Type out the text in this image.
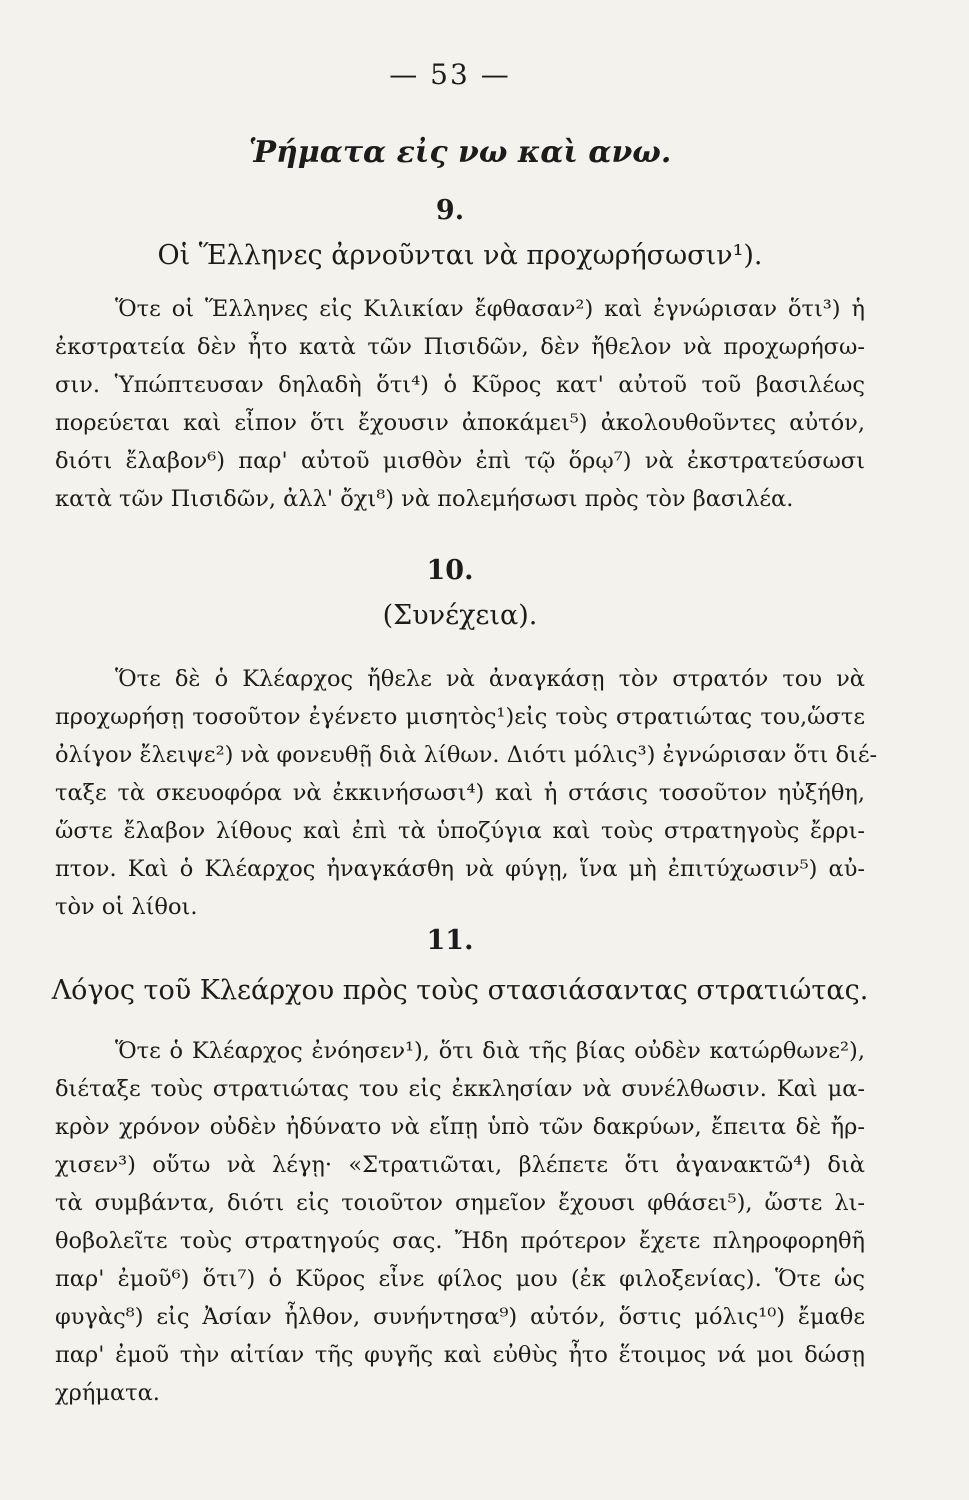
— 53 —
Ῥήματα εἰς νω καὶ ανω.
9.
Οἱ Ἕλληνες ἀρνοῦνται νὰ προχωρήσωσιν¹).
Ὅτε οἱ Ἕλληνες εἰς Κιλικίαν ἔφθασαν²) καὶ ἐγνώρισαν ὅτι³) ἡ
ἐκστρατεία δὲν ἦτο κατὰ τῶν Πισιδῶν, δὲν ἤθελον νὰ προχωρήσω-
σιν. Ὑπώπτευσαν δηλαδὴ ὅτι⁴) ὁ Κῦρος κατ' αὐτοῦ τοῦ βασιλέως
πορεύεται καὶ εἶπον ὅτι ἔχουσιν ἀποκάμει⁵) ἀκολουθοῦντες αὐτόν,
διότι ἔλαβον⁶) παρ' αὐτοῦ μισθὸν ἐπὶ τῷ ὅρῳ⁷) νὰ ἐκστρατεύσωσι
κατὰ τῶν Πισιδῶν, ἀλλ' ὄχι⁸) νὰ πολεμήσωσι πρὸς τὸν βασιλέα.
10.
(Συνέχεια).
Ὅτε δὲ ὁ Κλέαρχος ἤθελε νὰ ἀναγκάσῃ τὸν στρατόν του νὰ
προχωρήσῃ τοσοῦτον ἐγένετο μισητὸς¹)εἰς τοὺς στρατιώτας του,ὥστε
ὀλίγον ἔλειψε²) νὰ φονευθῇ διὰ λίθων. Διότι μόλις³) ἐγνώρισαν ὅτι διέ-
ταξε τὰ σκευοφόρα νὰ ἐκκινήσωσι⁴) καὶ ἡ στάσις τοσοῦτον ηὐξήθη,
ὥστε ἔλαβον λίθους καὶ ἐπὶ τὰ ὑποζύγια καὶ τοὺς στρατηγοὺς ἔρρι-
πτον. Καὶ ὁ Κλέαρχος ἠναγκάσθη νὰ φύγῃ, ἵνα μὴ ἐπιτύχωσιν⁵) αὐ-
τὸν οἱ λίθοι.
11.
Λόγος τοῦ Κλεάρχου πρὸς τοὺς στασιάσαντας στρατιώτας.
Ὅτε ὁ Κλέαρχος ἐνόησεν¹), ὅτι διὰ τῆς βίας οὐδὲν κατώρθωνε²),
διέταξε τοὺς στρατιώτας του εἰς ἐκκλησίαν νὰ συνέλθωσιν. Καὶ μα-
κρὸν χρόνον οὐδὲν ἠδύνατο νὰ εἴπῃ ὑπὸ τῶν δακρύων, ἔπειτα δὲ ἤρ-
χισεν³) οὕτω νὰ λέγῃ· «Στρατιῶται, βλέπετε ὅτι ἀγανακτῶ⁴) διὰ
τὰ συμβάντα, διότι εἰς τοιοῦτον σημεῖον ἔχουσι φθάσει⁵), ὥστε λι-
θοβολεῖτε τοὺς στρατηγούς σας. Ἤδη πρότερον ἔχετε πληροφορηθῆ
παρ' ἐμοῦ⁶) ὅτι⁷) ὁ Κῦρος εἶνε φίλος μου (ἐκ φιλοξενίας). Ὅτε ὡς
φυγὰς⁸) εἰς Ἀσίαν ἦλθον, συνήντησα⁹) αὐτόν, ὅστις μόλις¹⁰) ἔμαθε
παρ' ἐμοῦ τὴν αἰτίαν τῆς φυγῆς καὶ εὐθὺς ἦτο ἕτοιμος νά μοι δώσῃ
χρήματα.
